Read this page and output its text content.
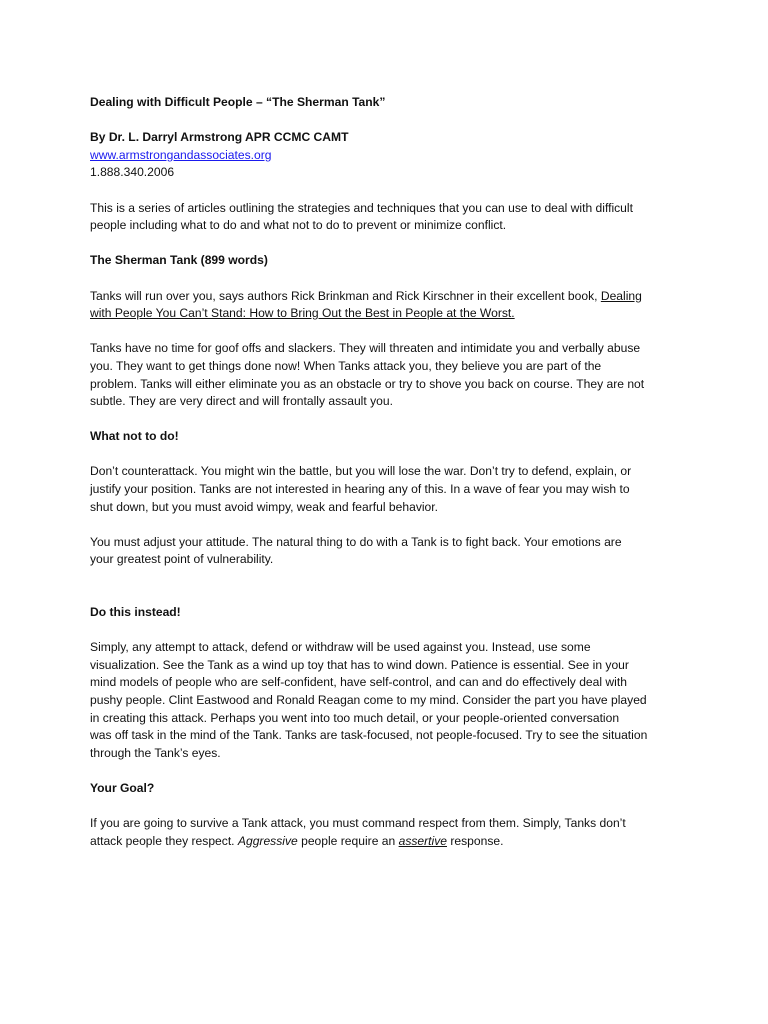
Dealing with Difficult People – “The Sherman Tank”

By Dr. L. Darryl Armstrong APR CCMC CAMT
www.armstrongandassociates.org
1.888.340.2006

This is a series of articles outlining the strategies and techniques that you can use to deal with difficult
people including what to do and what not to do to prevent or minimize conflict.

The Sherman Tank (899 words)

Tanks will run over you, says authors Rick Brinkman and Rick Kirschner in their excellent book, Dealing
with People You Can’t Stand: How to Bring Out the Best in People at the Worst.

Tanks have no time for goof offs and slackers. They will threaten and intimidate you and verbally abuse
you. They want to get things done now! When Tanks attack you, they believe you are part of the
problem. Tanks will either eliminate you as an obstacle or try to shove you back on course. They are not
subtle. They are very direct and will frontally assault you.

What not to do!

Don’t counterattack. You might win the battle, but you will lose the war. Don’t try to defend, explain, or
justify your position. Tanks are not interested in hearing any of this. In a wave of fear you may wish to
shut down, but you must avoid wimpy, weak and fearful behavior.

You must adjust your attitude. The natural thing to do with a Tank is to fight back. Your emotions are
your greatest point of vulnerability.

Do this instead!

Simply, any attempt to attack, defend or withdraw will be used against you. Instead, use some
visualization. See the Tank as a wind up toy that has to wind down. Patience is essential. See in your
mind models of people who are self-confident, have self-control, and can and do effectively deal with
pushy people. Clint Eastwood and Ronald Reagan come to my mind. Consider the part you have played
in creating this attack. Perhaps you went into too much detail, or your people-oriented conversation
was off task in the mind of the Tank. Tanks are task-focused, not people-focused. Try to see the situation
through the Tank’s eyes.

Your Goal?

If you are going to survive a Tank attack, you must command respect from them. Simply, Tanks don’t
attack people they respect. Aggressive people require an assertive response.
